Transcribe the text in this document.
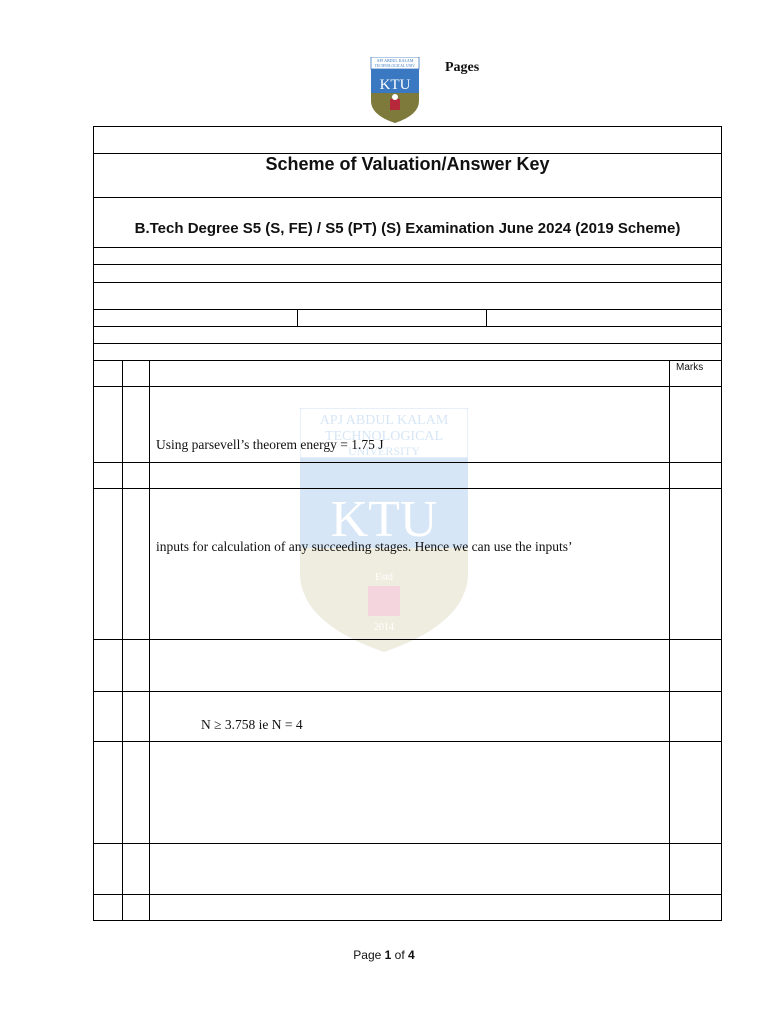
APJ ABDUL KALAM
TECHNOLOGICAL UNIV.
KTU
Pages
APJ ABDUL KALAM
TECHNOLOGICAL
UNIVERSITY
KTU
Estd
2014
Scheme of Valuation/Answer Key
B.Tech Degree S5 (S, FE) / S5 (PT) (S) Examination June 2024 (2019 Scheme)
Marks
Using parsevell’s theorem energy = 1.75 J
inputs for calculation of any succeeding stages. Hence we can use the inputs’
N ≥ 3.758 ie N = 4
Page 1 of 4
